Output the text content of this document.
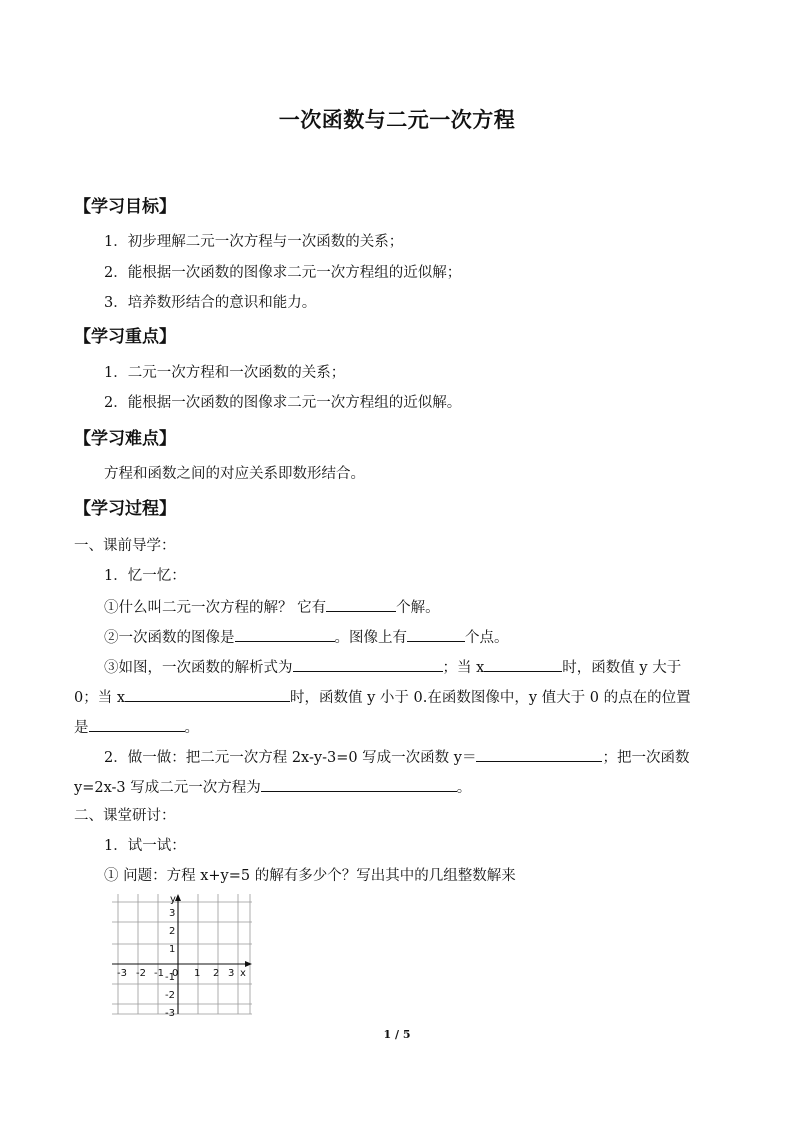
一次函数与二元一次方程
【学习目标】
1．初步理解二元一次方程与一次函数的关系；
2．能根据一次函数的图像求二元一次方程组的近似解；
3．培养数形结合的意识和能力。
【学习重点】
1．二元一次方程和一次函数的关系；
2．能根据一次函数的图像求二元一次方程组的近似解。
【学习难点】
方程和函数之间的对应关系即数形结合。
【学习过程】
一、课前导学：
1．忆一忆：
①什么叫二元一次方程的解？ 它有	个解。
②一次函数的图像是	。图像上有	个点。
③如图，一次函数的解析式为	；当 x	时，函数值 y 大于
0；当 x	时，函数值 y 小于 0.在函数图像中，y 值大于 0 的点在的位置
是	。
2．做一做：把二元一次方程 2x-y-3=0 写成一次函数 y＝	；把一次函数
y=2x-3 写成二元一次方程为	。
二、课堂研讨：
1．试一试：
① 问题：方程 x+y=5 的解有多少个？写出其中的几组整数解来
y
3
2
1
-1
-2
-3
-3 -2 -1 0 1 2 3 x
1 / 5
